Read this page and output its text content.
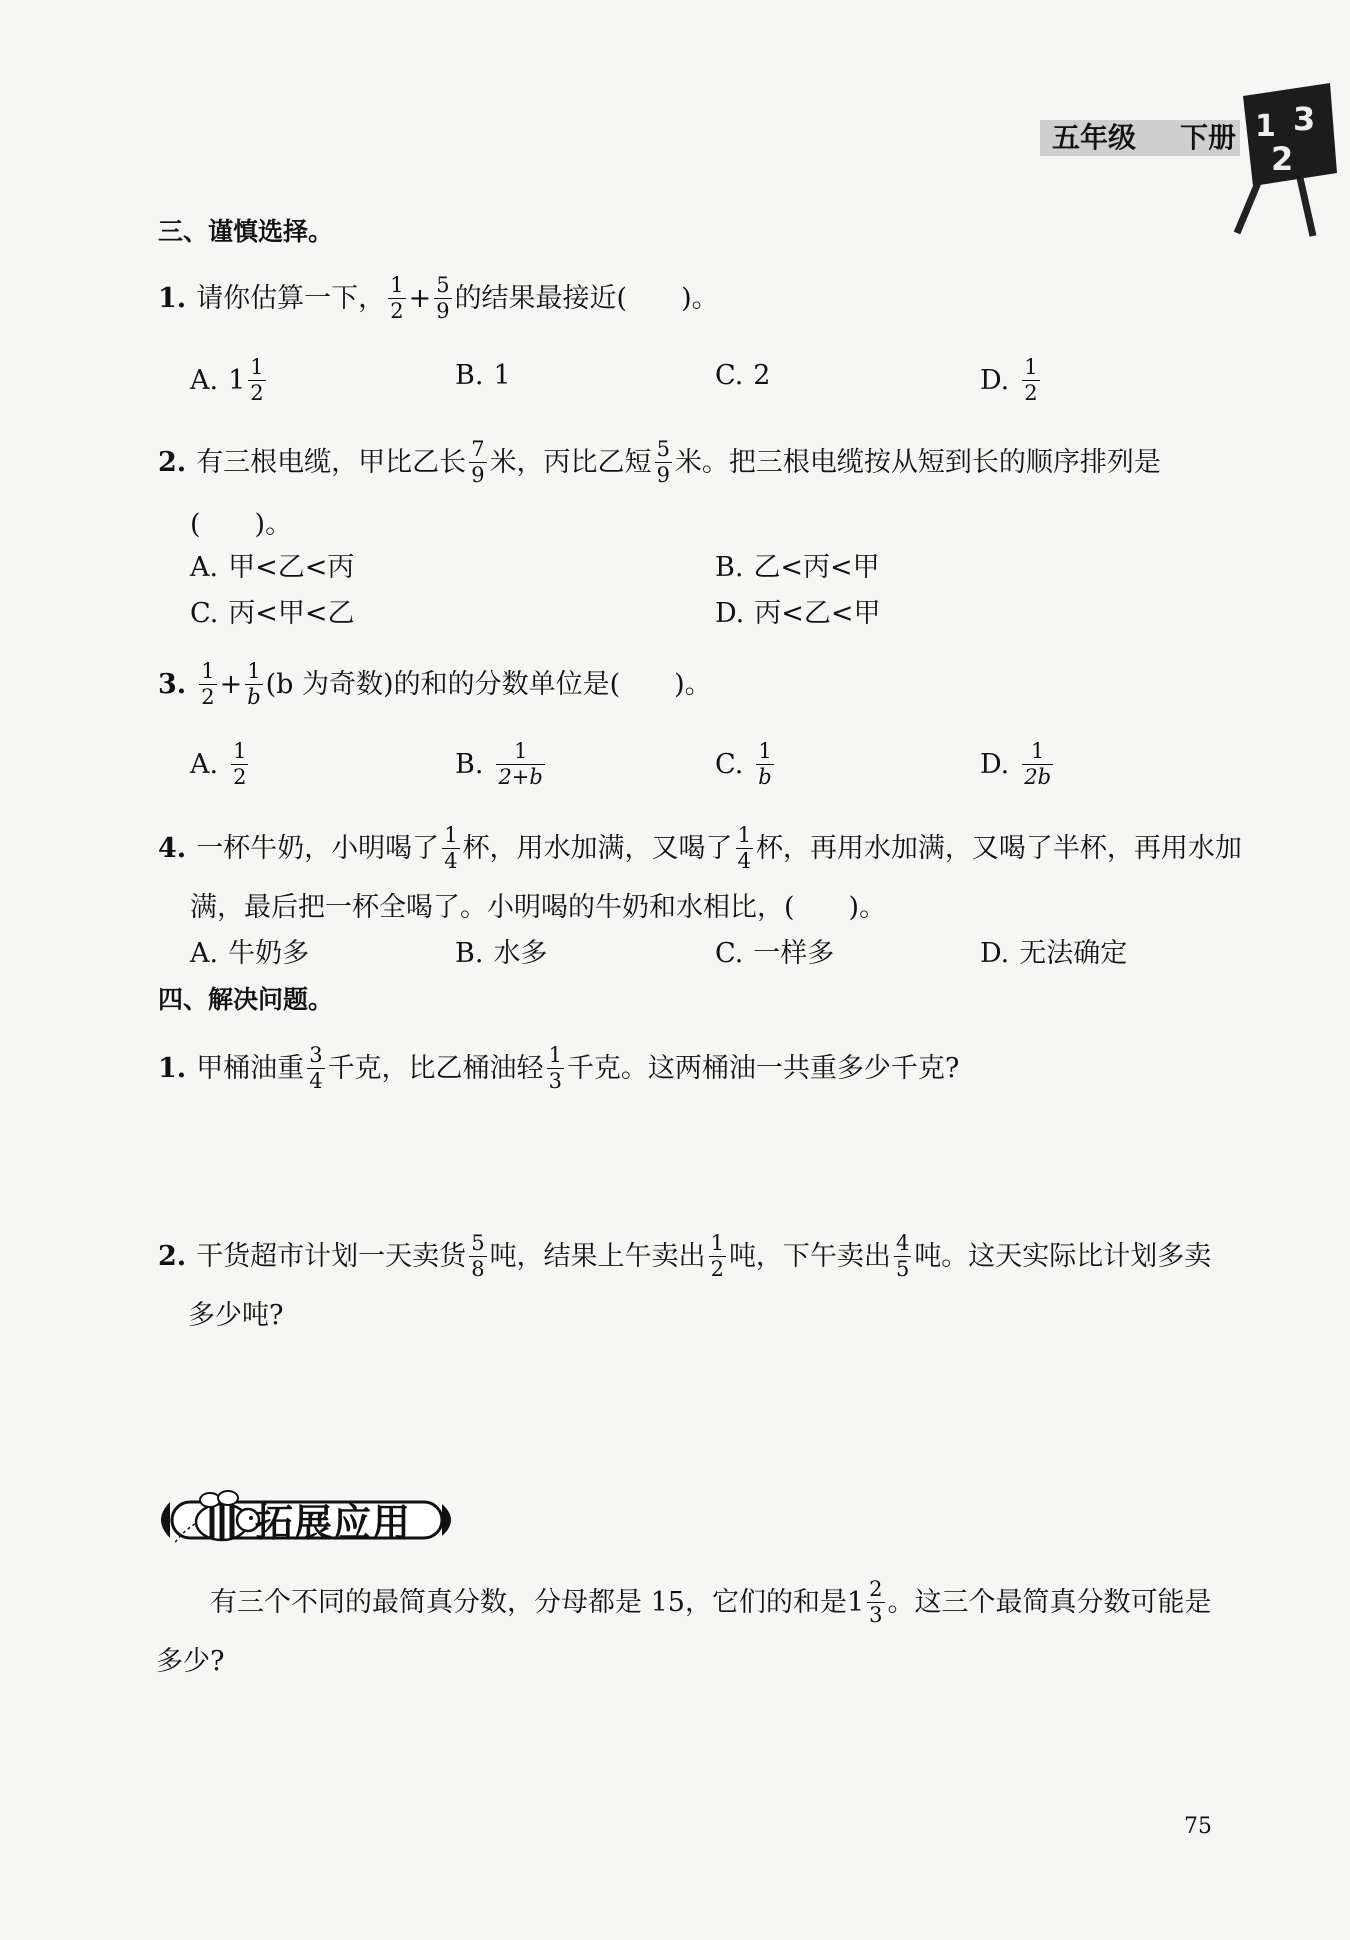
五年级 下册 1 3
2
三、谨慎选择。
1. 请你估算一下， $\frac{1}{2} + \frac{5}{9}$ 的结果最接近(　　)。
A. $1 \frac{1}{2}$	B. 1	C. 2	D. $\frac{1}{2}$
2. 有三根电缆，甲比乙长 $\frac{7}{9}$ 米，丙比乙短 $\frac{5}{9}$ 米。把三根电缆按从短到长的顺序排列是
(　　)。
A. 甲<乙<丙	B. 乙<丙<甲
C. 丙<甲<乙	D. 丙<乙<甲
3. $\frac{1}{2} + \frac{1}{b} (b$ 为奇数)的和的分数单位是(　　)。
A. $\frac{1}{2}$	B. $\frac{1}{2+b}$	C. $\frac{1}{b}$	D. $\frac{1}{2b}$
4. 一杯牛奶，小明喝了 $\frac{1}{4}$ 杯，用水加满，又喝了 $\frac{1}{4}$ 杯，再用水加满，又喝了半杯，再用水加
满，最后把一杯全喝了。小明喝的牛奶和水相比，(　　)。
A. 牛奶多	B. 水多	C. 一样多	D. 无法确定
四、解决问题。
1. 甲桶油重 $\frac{3}{4}$ 千克，比乙桶油轻 $\frac{1}{3}$ 千克。这两桶油一共重多少千克?
2. 干货超市计划一天卖货 $\frac{5}{8}$ 吨，结果上午卖出 $\frac{1}{2}$ 吨，下午卖出 $\frac{4}{5}$ 吨。这天实际比计划多卖
多少吨?
拓展应用
有三个不同的最简真分数，分母都是 15，它们的和是 $1 \frac{2}{3}$ 。这三个最简真分数可能是
多少?
75
